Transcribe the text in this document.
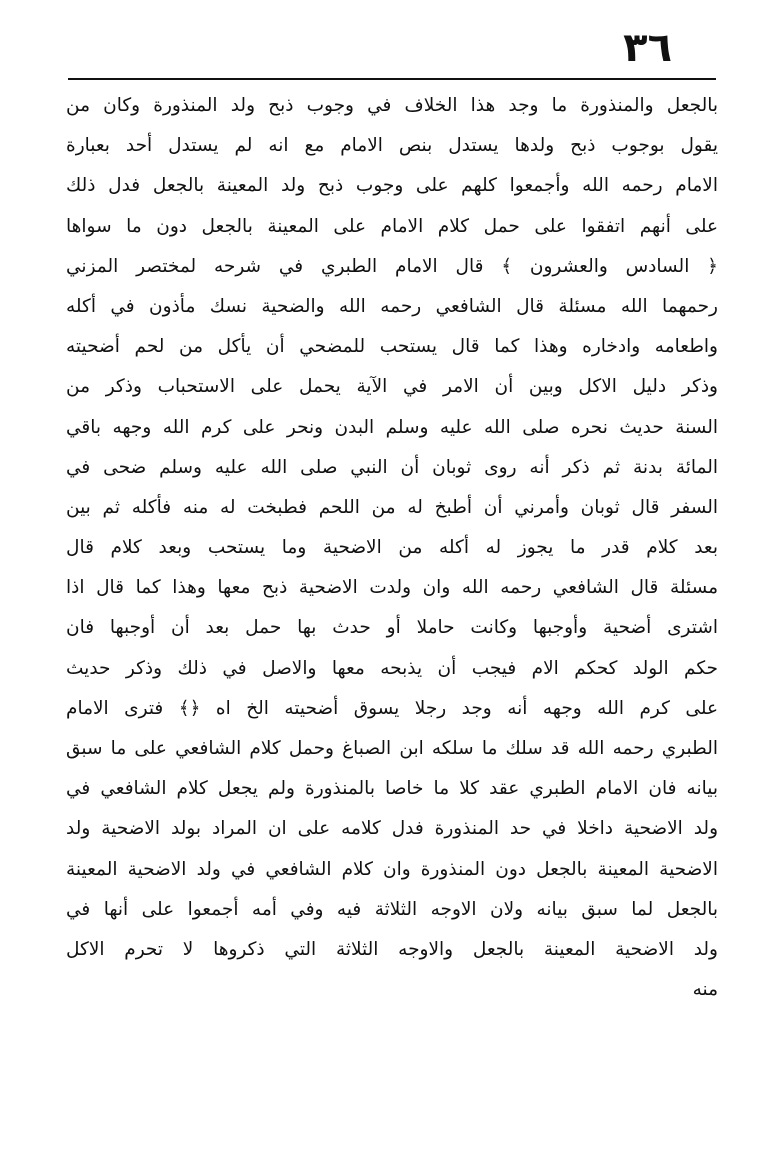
٣٦
بالجعل والمنذورة ما وجد هذا الخلاف في وجوب ذبح ولد المنذورة وكان من
يقول بوجوب ذبح ولدها يستدل بنص الامام مع انه لم يستدل أحد بعبارة
الامام رحمه الله وأجمعوا كلهم على وجوب ذبح ولد المعينة بالجعل فدل ذلك
على أنهم اتفقوا على حمل كلام الامام على المعينة بالجعل دون ما سواها
﴿ السادس والعشرون ﴾ قال الامام الطبري في شرحه لمختصر المزني
رحمهما الله مسئلة قال الشافعي رحمه الله والضحية نسك مأذون في أكله
واطعامه وادخاره وهذا كما قال يستحب للمضحي أن يأكل من لحم أضحيته
وذكر دليل الاكل وبين أن الامر في الآية يحمل على الاستحباب وذكر من
السنة حديث نحره صلى الله عليه وسلم البدن ونحر على كرم الله وجهه باقي
المائة بدنة ثم ذكر أنه روى ثوبان أن النبي صلى الله عليه وسلم ضحى في
السفر قال ثوبان وأمرني أن أطبخ له من اللحم فطبخت له منه فأكله ثم بين
بعد كلام قدر ما يجوز له أكله من الاضحية وما يستحب وبعد كلام قال
مسئلة قال الشافعي رحمه الله وان ولدت الاضحية ذبح معها وهذا كما قال اذا
اشترى أضحية وأوجبها وكانت حاملا أو حدث بها حمل بعد أن أوجبها فان
حكم الولد كحكم الام فيجب أن يذبحه معها والاصل في ذلك وذكر حديث
على كرم الله وجهه أنه وجد رجلا يسوق أضحيته الخ اه ﴿﴾ فترى الامام
الطبري رحمه الله قد سلك ما سلكه ابن الصباغ وحمل كلام الشافعي على ما سبق
بيانه فان الامام الطبري عقد كلا ما خاصا بالمنذورة ولم يجعل كلام الشافعي في
ولد الاضحية داخلا في حد المنذورة فدل كلامه على ان المراد بولد الاضحية ولد
الاضحية المعينة بالجعل دون المنذورة وان كلام الشافعي في ولد الاضحية المعينة
بالجعل لما سبق بيانه ولان الاوجه الثلاثة فيه وفي أمه أجمعوا على أنها في
ولد الاضحية المعينة بالجعل والاوجه الثلاثة التي ذكروها لا تحرم الاكل
منه
